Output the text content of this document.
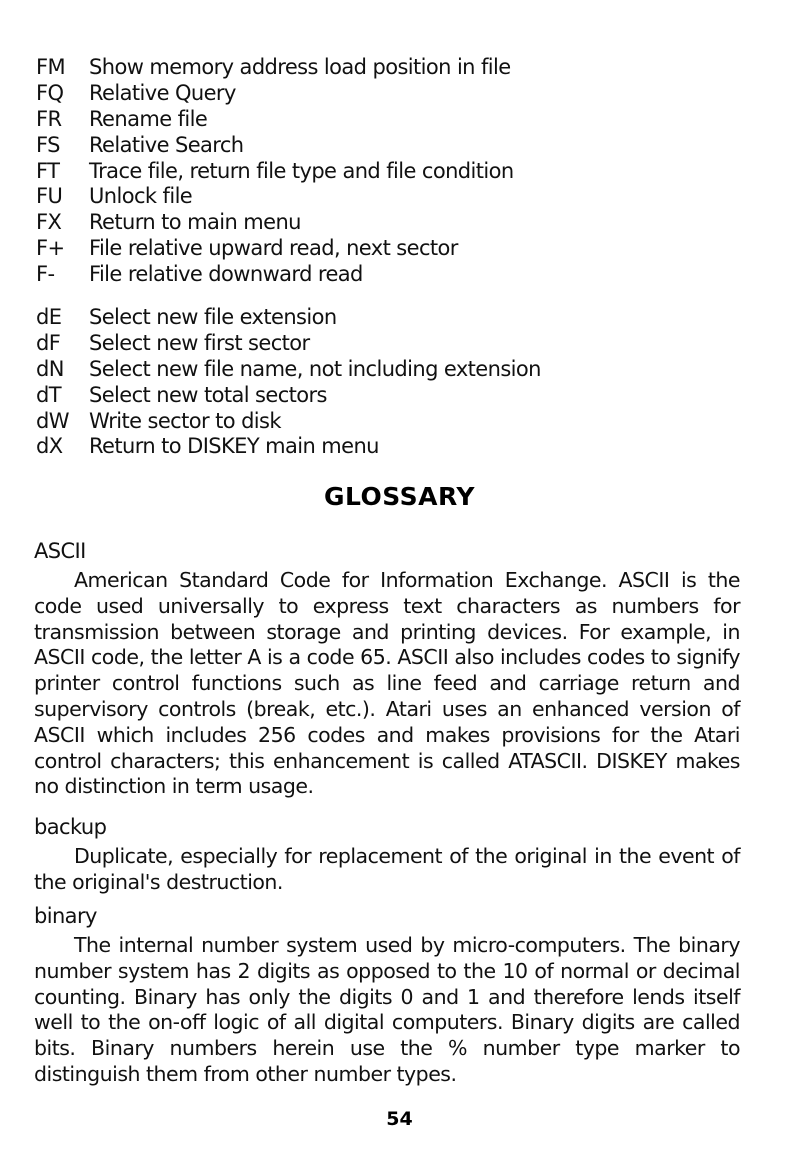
FM	Show memory address load position in file
FQ	Relative Query
FR	Rename file
FS	Relative Search
FT	Trace file, return file type and file condition
FU	Unlock file
FX	Return to main menu
F+	File relative upward read, next sector
F-	File relative downward read
dE	Select new file extension
dF	Select new first sector
dN	Select new file name, not including extension
dT	Select new total sectors
dW Write sector to disk
dX	Return to DISKEY main menu
GLOSSARY
ASCII
American Standard Code for Information Exchange. ASCII is the code used universally to express text characters as numbers for transmission between storage and printing devices. For example, in ASCII code, the letter A is a code 65. ASCII also includes codes to signify printer control functions such as line feed and carriage return and supervisory controls (break, etc.). Atari uses an enhanced version of ASCII which includes 256 codes and makes provisions for the Atari control characters; this enhancement is called ATASCII. DISKEY makes no distinction in term usage.
backup
Duplicate, especially for replacement of the original in the event of the original's destruction.
binary
The internal number system used by micro-computers. The binary number system has 2 digits as opposed to the 10 of normal or decimal counting. Binary has only the digits 0 and 1 and therefore lends itself well to the on-off logic of all digital computers. Binary digits are called bits. Binary numbers herein use the % number type marker to distinguish them from other number types.
54
